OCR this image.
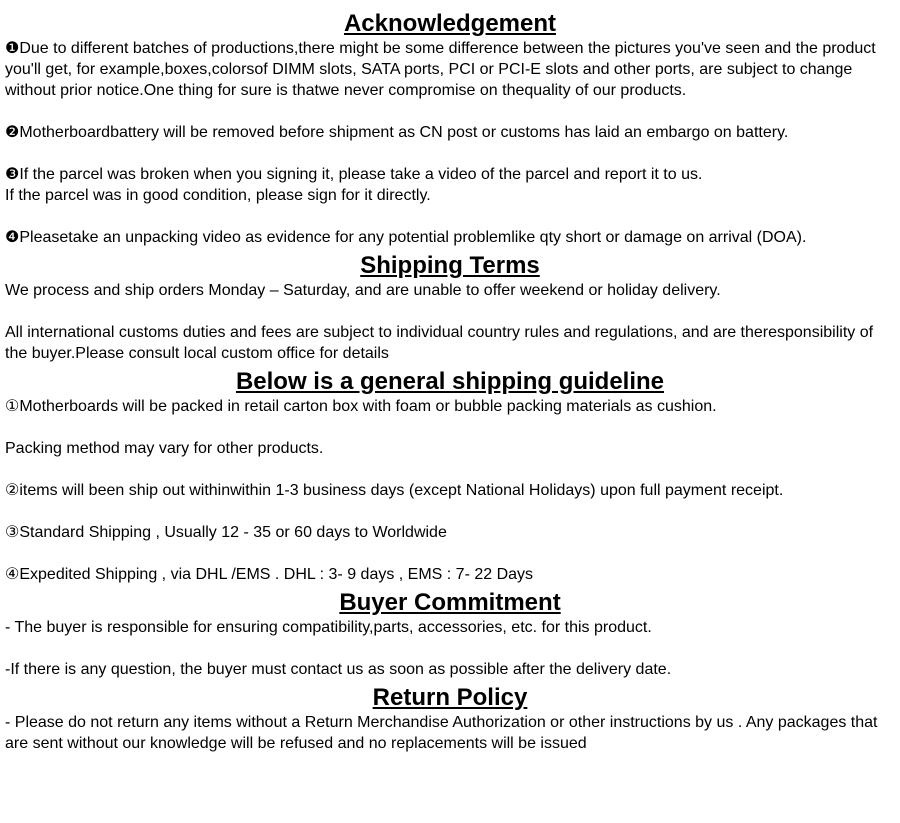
Acknowledgement

❶Due to different batches of productions,there might be some difference between the pictures you've seen and the product you'll get, for example,boxes,colorsof DIMM slots, SATA ports, PCI or PCI-E slots and other ports, are subject to change without prior notice.One thing for sure is thatwe never compromise on thequality of our products.

❷Motherboardbattery will be removed before shipment as CN post or customs has laid an embargo on battery.

❸If the parcel was broken when you signing it, please take a video of the parcel and report it to us.

If the parcel was in good condition, please sign for it directly.

❹Pleasetake an unpacking video as evidence for any potential problemlike qty short or damage on arrival (DOA).

Shipping Terms

We process and ship orders Monday – Saturday, and are unable to offer weekend or holiday delivery.

All international customs duties and fees are subject to individual country rules and regulations, and are theresponsibility of the buyer.Please consult local custom office for details

Below is a general shipping guideline

①Motherboards will be packed in retail carton box with foam or bubble packing materials as cushion.

Packing method may vary for other products.

②items will been ship out withinwithin 1-3 business days (except National Holidays) upon full payment receipt.

③Standard Shipping , Usually 12 - 35 or 60 days to Worldwide

④Expedited Shipping , via DHL /EMS . DHL : 3- 9 days , EMS : 7- 22 Days

Buyer Commitment

- The buyer is responsible for ensuring compatibility,parts, accessories, etc. for this product.

-If there is any question, the buyer must contact us as soon as possible after the delivery date.

Return Policy

- Please do not return any items without a Return Merchandise Authorization or other instructions by us . Any packages that are sent without our knowledge will be refused and no replacements will be issued
